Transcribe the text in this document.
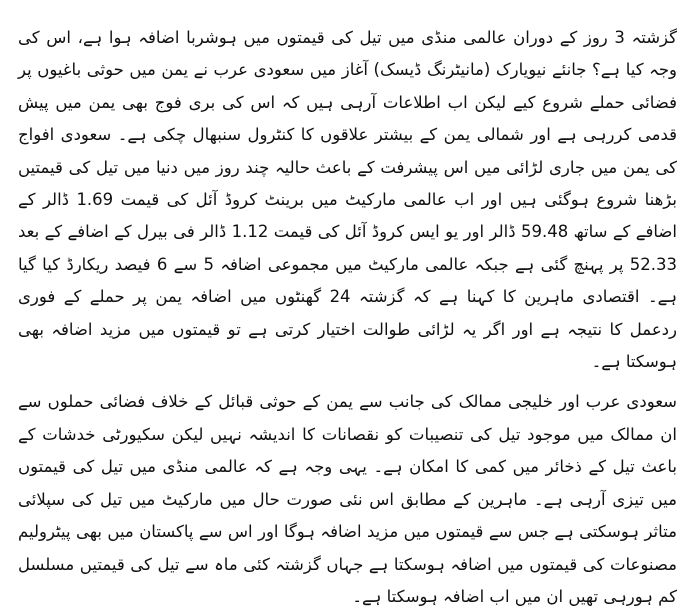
گزشتہ 3 روز کے دوران عالمی منڈی میں تیل کی قیمتوں میں ہوشربا اضافہ ہوا ہے، اس کی وجہ کیا ہے؟ جانئے نیویارک (مانیٹرنگ ڈیسک) آغاز میں سعودی عرب نے یمن میں حوثی باغیوں پر فضائی حملے شروع کیے لیکن اب اطلاعات آرہی ہیں کہ اس کی بری فوج بھی یمن میں پیش قدمی کررہی ہے اور شمالی یمن کے بیشتر علاقوں کا کنٹرول سنبھال چکی ہے۔ سعودی افواج کی یمن میں جاری لڑائی میں اس پیشرفت کے باعث حالیہ چند روز میں دنیا میں تیل کی قیمتیں بڑھنا شروع ہوگئی ہیں اور اب عالمی مارکیٹ میں برینٹ کروڈ آئل کی قیمت 1.69 ڈالر کے اضافے کے ساتھ 59.48 ڈالر اور یو ایس کروڈ آئل کی قیمت 1.12 ڈالر فی بیرل کے اضافے کے بعد 52.33 پر پہنچ گئی ہے جبکہ عالمی مارکیٹ میں مجموعی اضافہ 5 سے 6 فیصد ریکارڈ کیا گیا ہے۔ اقتصادی ماہرین کا کہنا ہے کہ گزشتہ 24 گھنٹوں میں اضافہ یمن پر حملے کے فوری ردعمل کا نتیجہ ہے اور اگر یہ لڑائی طوالت اختیار کرتی ہے تو قیمتوں میں مزید اضافہ بھی ہوسکتا ہے۔

سعودی عرب اور خلیجی ممالک کی جانب سے یمن کے حوثی قبائل کے خلاف فضائی حملوں سے ان ممالک میں موجود تیل کی تنصیبات کو نقصانات کا اندیشہ نہیں لیکن سکیورٹی خدشات کے باعث تیل کے ذخائر میں کمی کا امکان ہے۔ یہی وجہ ہے کہ عالمی منڈی میں تیل کی قیمتوں میں تیزی آرہی ہے۔ ماہرین کے مطابق اس نئی صورت حال میں مارکیٹ میں تیل کی سپلائی متاثر ہوسکتی ہے جس سے قیمتوں میں مزید اضافہ ہوگا اور اس سے پاکستان میں بھی پیٹرولیم مصنوعات کی قیمتوں میں اضافہ ہوسکتا ہے جہاں گزشتہ کئی ماہ سے تیل کی قیمتیں مسلسل کم ہورہی تھیں ان میں اب اضافہ ہوسکتا ہے۔
